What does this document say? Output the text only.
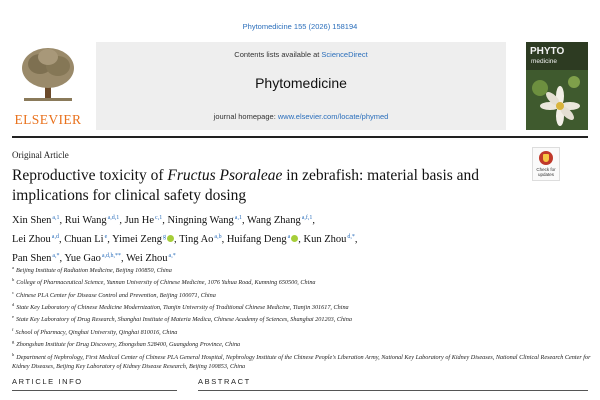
Phytomedicine 155 (2026) 158194
ELSEVIER
Contents lists available at ScienceDirect
Phytomedicine
journal homepage: www.elsevier.com/locate/phymed
PHYTO
medicine
Original Article
Check for
updates
Reproductive toxicity of Fructus Psoraleae in zebrafish: material basis and implications for clinical safety dosing
Xin Shen$^{a,1}$, Rui Wang$^{a,d,1}$, Jun He$^{c,1}$, Ningning Wang$^{a,1}$, Wang Zhang$^{a,f,1}$,
Lei Zhou$^{a,d}$, Chuan Li$^e$, Yimei Zeng$^g$ , Ting Ao$^{a,b}$, Huifang Deng$^a$ , Kun Zhou$^{d,*}$,
Pan Shen$^{a,*}$, Yue Gao$^{a,d,h,**}$, Wei Zhou$^{a,*}$
$^a$ Beijing Institute of Radiation Medicine, Beijing 100850, China
$^b$ College of Pharmaceutical Science, Yunnan University of Chinese Medicine, 1076 Yuhua Road, Kunming 650500, China
$^c$ Chinese PLA Center for Disease Control and Prevention, Beijing 100071, China
$^d$ State Key Laboratory of Chinese Medicine Modernization, Tianjin University of Traditional Chinese Medicine, Tianjin 301617, China
$^e$ State Key Laboratory of Drug Research, Shanghai Institute of Materia Medica, Chinese Academy of Sciences, Shanghai 201203, China
$^f$ School of Pharmacy, Qinghai University, Qinghai 810016, China
$^g$ Zhongshan Institute for Drug Discovery, Zhongshan 528400, Guangdong Province, China
$^h$ Department of Nephrology, First Medical Center of Chinese PLA General Hospital, Nephrology Institute of the Chinese People's Liberation Army, National Key Laboratory of Kidney Diseases, National Clinical Research Center for Kidney Diseases, Beijing Key Laboratory of Kidney Disease Research, Beijing 100853, China
ARTICLE INFO	ABSTRACT
